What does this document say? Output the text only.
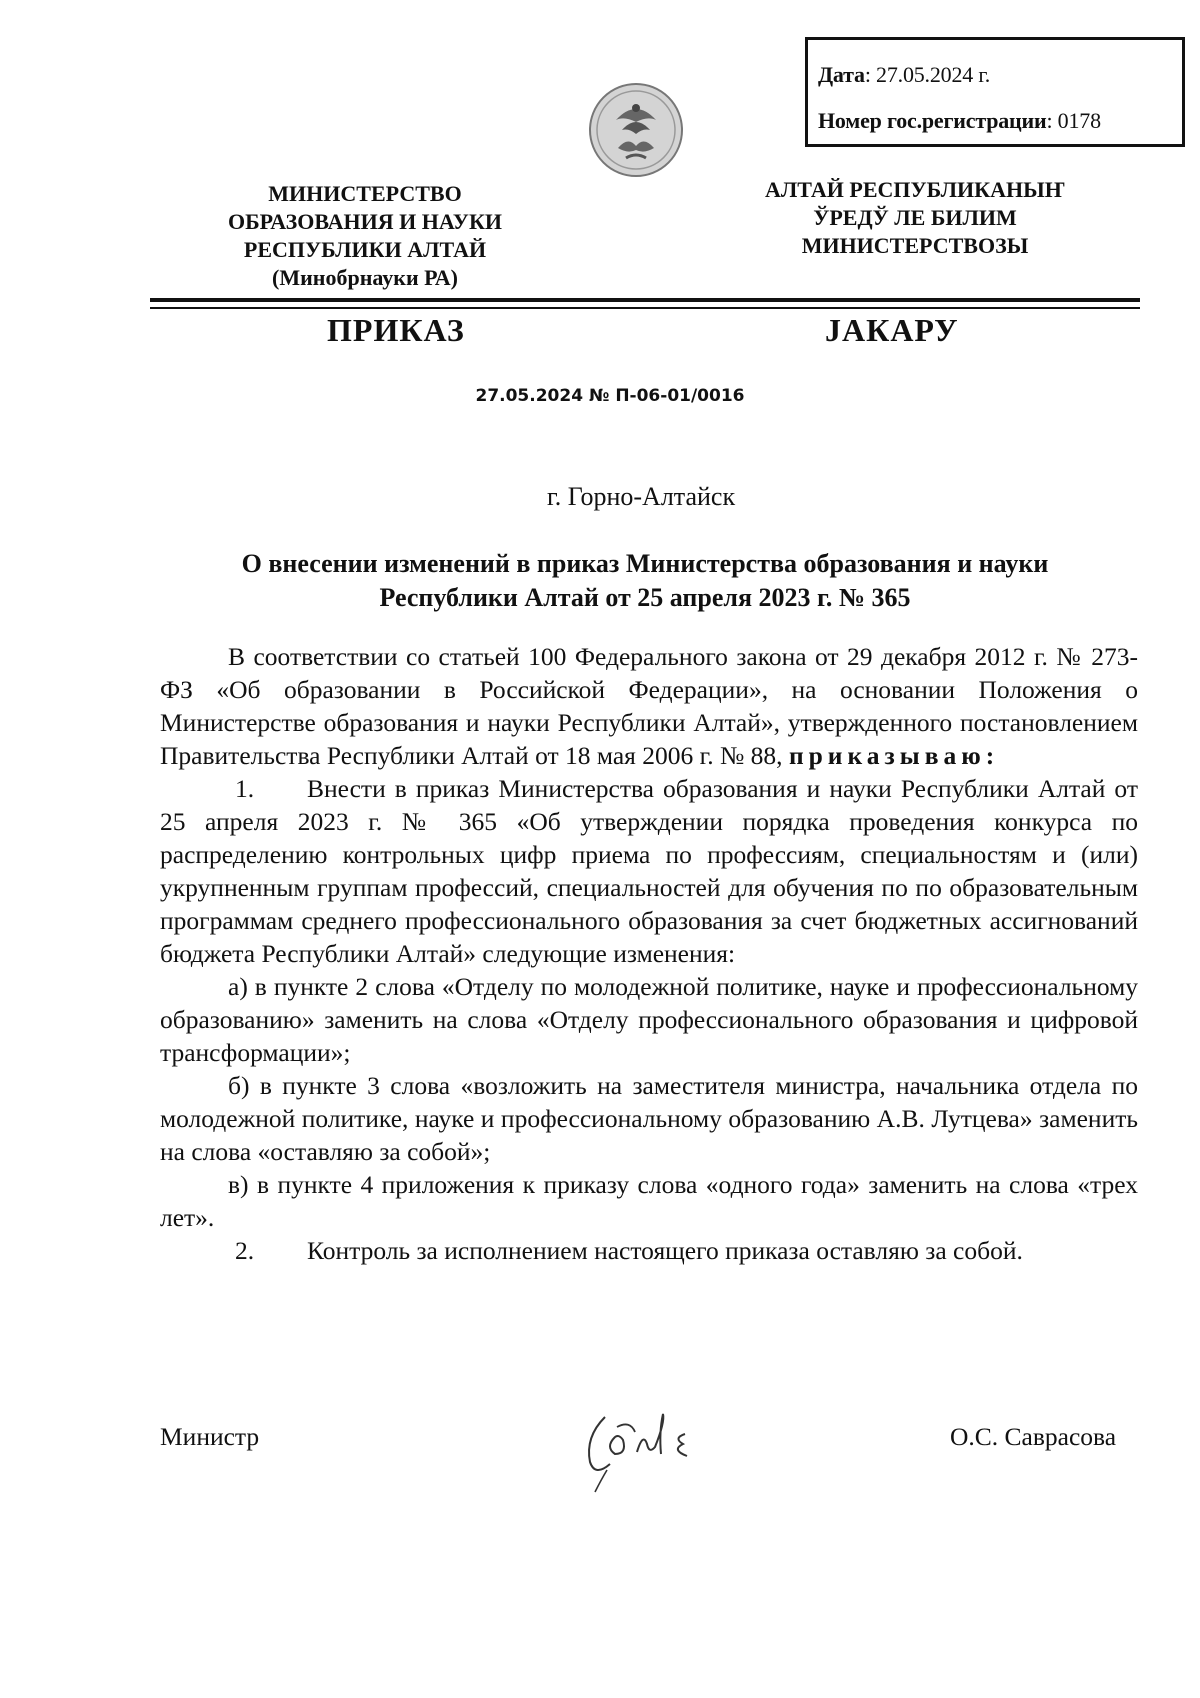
Дата: 27.05.2024 г.
Номер гос.регистрации: 0178
МИНИСТЕРСТВО
ОБРАЗОВАНИЯ И НАУКИ
РЕСПУБЛИКИ АЛТАЙ
(Минобрнауки РА)
АЛТАЙ РЕСПУБЛИКАНЫҤ
ЎРЕДЎ ЛЕ БИЛИМ
МИНИСТЕРСТВОЗЫ
ПРИКАЗ	ЈАКАРУ
27.05.2024 № П-06-01/0016
г. Горно-Алтайск
О внесении изменений в приказ Министерства образования и науки
Республики Алтай от 25 апреля 2023 г. № 365

В соответствии со статьей 100 Федерального закона от 29 декабря 2012 г. № 273-ФЗ «Об образовании в Российской Федерации», на основании Положения о Министерстве образования и науки Республики Алтай», утвержденного постановлением Правительства Республики Алтай от 18 мая 2006 г. № 88, приказываю:

1. Внести в приказ Министерства образования и науки Республики Алтай от 25 апреля 2023 г. № 365 «Об утверждении порядка проведения конкурса по распределению контрольных цифр приема по профессиям, специальностям и (или) укрупненным группам профессий, специальностей для обучения по по образовательным программам среднего профессионального образования за счет бюджетных ассигнований бюджета Республики Алтай» следующие изменения:

а) в пункте 2 слова «Отделу по молодежной политике, науке и профессиональному образованию» заменить на слова «Отделу профессионального образования и цифровой трансформации»;

б) в пункте 3 слова «возложить на заместителя министра, начальника отдела по молодежной политике, науке и профессиональному образованию А.В. Лутцева» заменить на слова «оставляю за собой»;

в) в пункте 4 приложения к приказу слова «одного года» заменить на слова «трех лет».

2. Контроль за исполнением настоящего приказа оставляю за собой.

Министр	О.С. Саврасова
